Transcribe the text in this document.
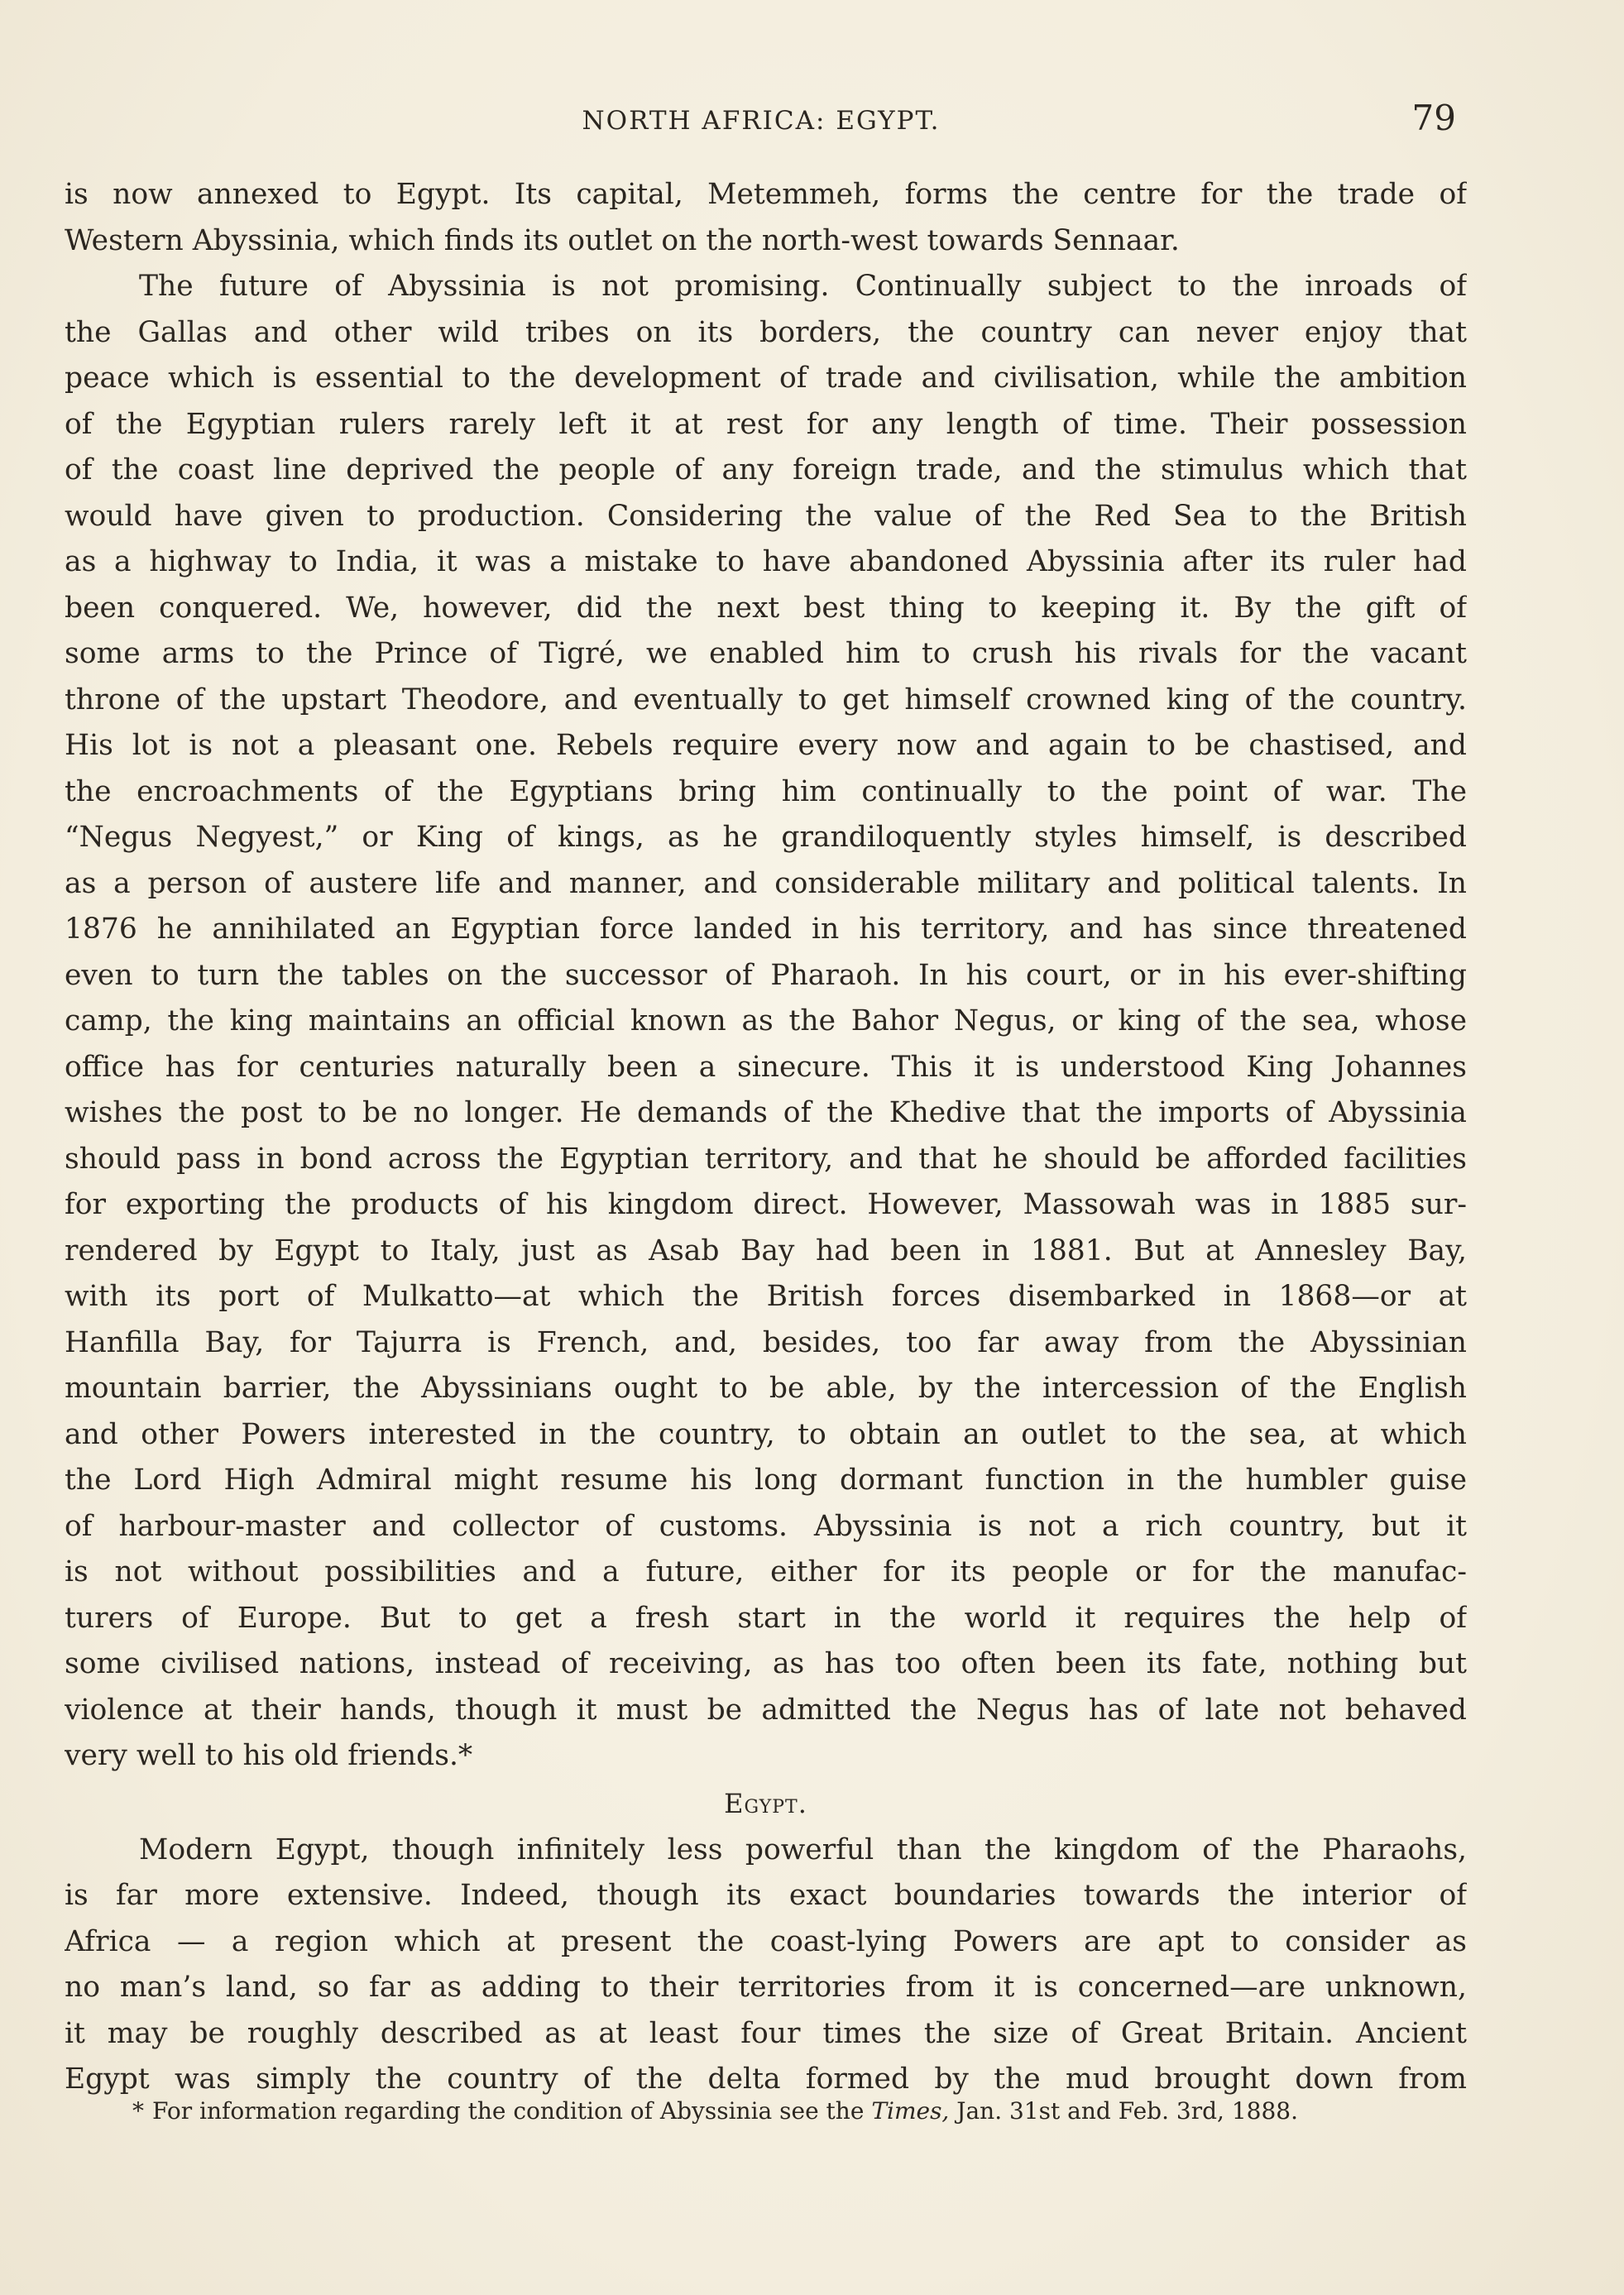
NORTH AFRICA: EGYPT.	79
is now annexed to Egypt. Its capital, Metemmeh, forms the centre for the trade of
Western Abyssinia, which finds its outlet on the north-west towards Sennaar.
The future of Abyssinia is not promising. Continually subject to the inroads of
the Gallas and other wild tribes on its borders, the country can never enjoy that
peace which is essential to the development of trade and civilisation, while the ambition
of the Egyptian rulers rarely left it at rest for any length of time. Their possession
of the coast line deprived the people of any foreign trade, and the stimulus which that
would have given to production. Considering the value of the Red Sea to the British
as a highway to India, it was a mistake to have abandoned Abyssinia after its ruler had
been conquered. We, however, did the next best thing to keeping it. By the gift of
some arms to the Prince of Tigré, we enabled him to crush his rivals for the vacant
throne of the upstart Theodore, and eventually to get himself crowned king of the country.
His lot is not a pleasant one. Rebels require every now and again to be chastised, and
the encroachments of the Egyptians bring him continually to the point of war. The
“Negus Negyest,” or King of kings, as he grandiloquently styles himself, is described
as a person of austere life and manner, and considerable military and political talents. In
1876 he annihilated an Egyptian force landed in his territory, and has since threatened
even to turn the tables on the successor of Pharaoh. In his court, or in his ever-shifting
camp, the king maintains an official known as the Bahor Negus, or king of the sea, whose
office has for centuries naturally been a sinecure. This it is understood King Johannes
wishes the post to be no longer. He demands of the Khedive that the imports of Abyssinia
should pass in bond across the Egyptian territory, and that he should be afforded facilities
for exporting the products of his kingdom direct. However, Massowah was in 1885 sur-
rendered by Egypt to Italy, just as Asab Bay had been in 1881. But at Annesley Bay,
with its port of Mulkatto—at which the British forces disembarked in 1868—or at
Hanfilla Bay, for Tajurra is French, and, besides, too far away from the Abyssinian
mountain barrier, the Abyssinians ought to be able, by the intercession of the English
and other Powers interested in the country, to obtain an outlet to the sea, at which
the Lord High Admiral might resume his long dormant function in the humbler guise
of harbour-master and collector of customs. Abyssinia is not a rich country, but it
is not without possibilities and a future, either for its people or for the manufac-
turers of Europe. But to get a fresh start in the world it requires the help of
some civilised nations, instead of receiving, as has too often been its fate, nothing but
violence at their hands, though it must be admitted the Negus has of late not behaved
very well to his old friends.*
Egypt.
Modern Egypt, though infinitely less powerful than the kingdom of the Pharaohs,
is far more extensive. Indeed, though its exact boundaries towards the interior of
Africa — a region which at present the coast-lying Powers are apt to consider as
no man’s land, so far as adding to their territories from it is concerned—are unknown,
it may be roughly described as at least four times the size of Great Britain. Ancient
Egypt was simply the country of the delta formed by the mud brought down from
* For information regarding the condition of Abyssinia see the Times, Jan. 31st and Feb. 3rd, 1888.
